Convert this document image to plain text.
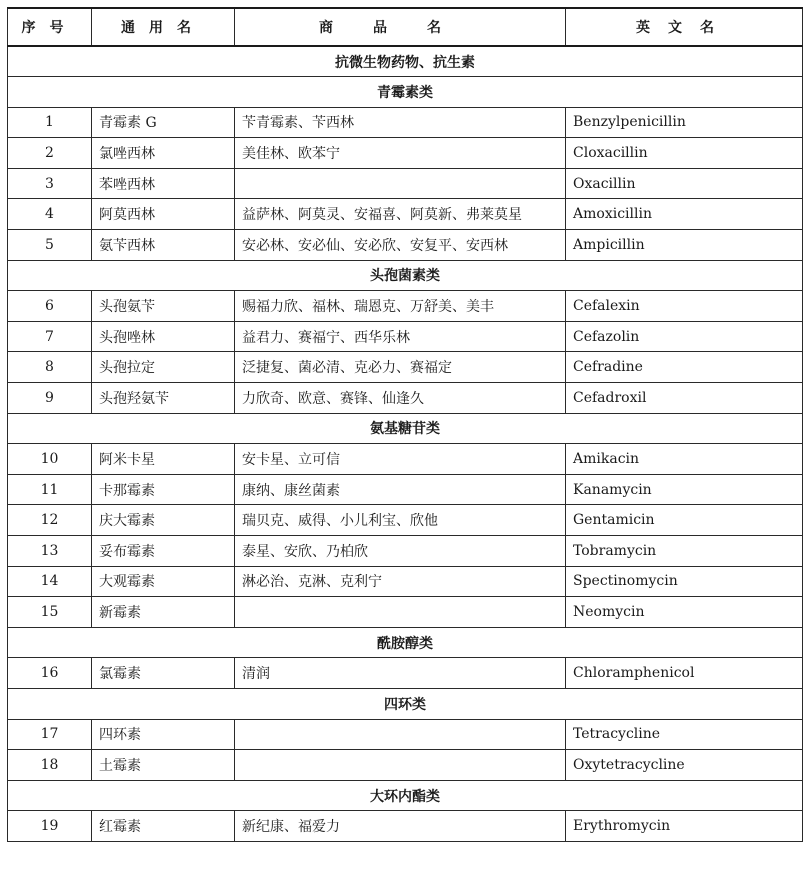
序号	通用名	商品名	英文名
抗微生物药物、抗生素			
青霉素类			
1	青霉素 G	苄青霉素、苄西林	Benzylpenicillin
2	氯唑西林	美佳林、欧苯宁	Cloxacillin
3	苯唑西林		Oxacillin
4	阿莫西林	益萨林、阿莫灵、安福喜、阿莫新、弗莱莫星	Amoxicillin
5	氨苄西林	安必林、安必仙、安必欣、安复平、安西林	Ampicillin
头孢菌素类			
6	头孢氨苄	赐福力欣、福林、瑞恩克、万舒美、美丰	Cefalexin
7	头孢唑林	益君力、赛福宁、西华乐林	Cefazolin
8	头孢拉定	泛捷复、菌必清、克必力、赛福定	Cefradine
9	头孢羟氨苄	力欣奇、欧意、赛锋、仙逢久	Cefadroxil
氨基糖苷类			
10	阿米卡星	安卡星、立可信	Amikacin
11	卡那霉素	康纳、康丝菌素	Kanamycin
12	庆大霉素	瑞贝克、威得、小儿利宝、欣他	Gentamicin
13	妥布霉素	泰星、安欣、乃柏欣	Tobramycin
14	大观霉素	淋必治、克淋、克利宁	Spectinomycin
15	新霉素		Neomycin
酰胺醇类			
16	氯霉素	清润	Chloramphenicol
四环类			
17	四环素		Tetracycline
18	土霉素		Oxytetracycline
大环内酯类			
19	红霉素	新纪康、福爱力	Erythromycin
